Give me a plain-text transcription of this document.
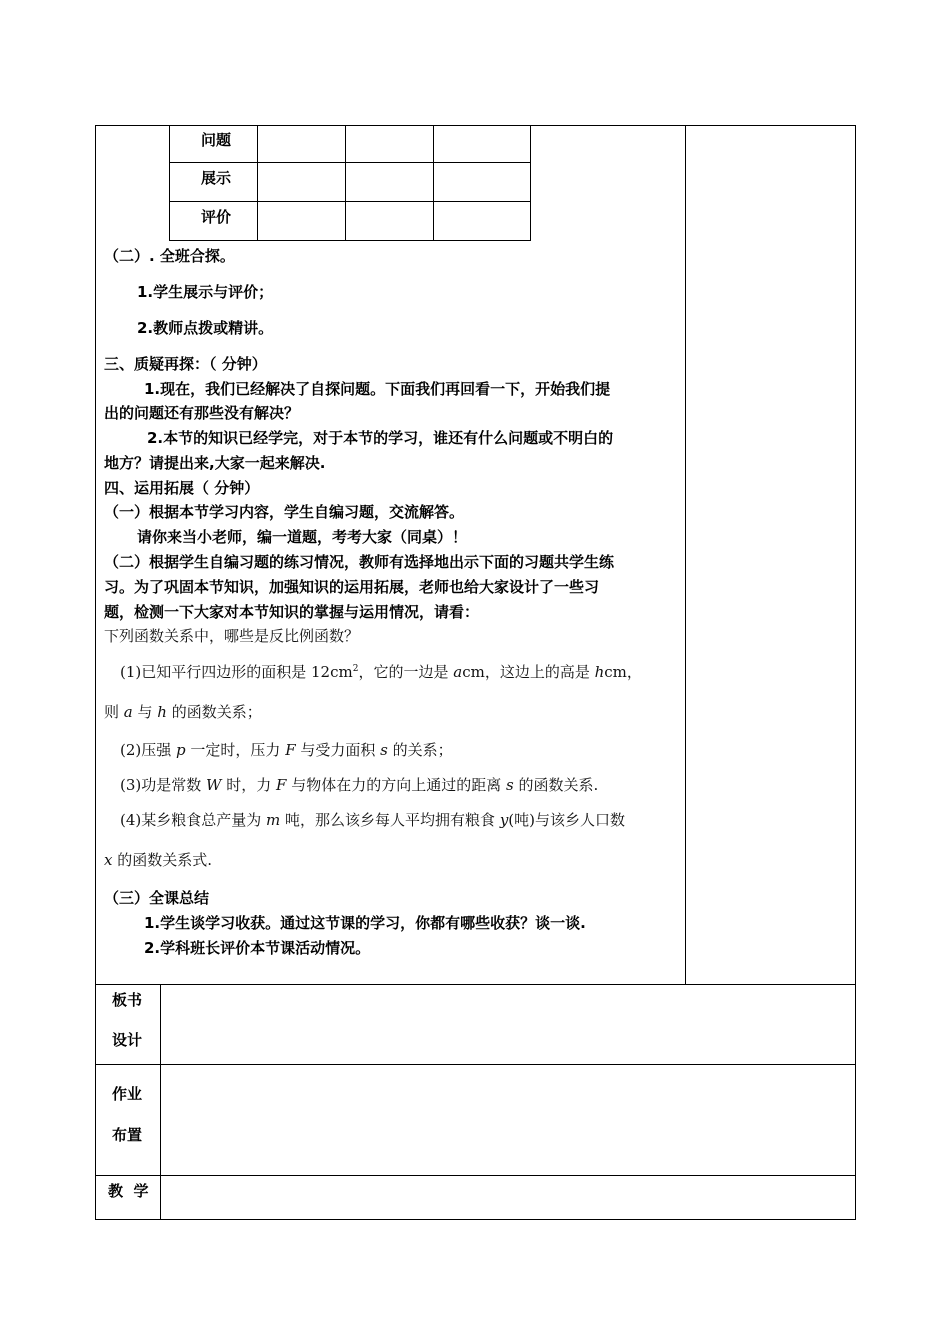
问题
展示
评价
（二）. 全班合探。
1.学生展示与评价；
2.教师点拨或精讲。
三、质疑再探：（ 分钟）
1.现在，我们已经解决了自探问题。下面我们再回看一下，开始我们提
出的问题还有那些没有解决？
2.本节的知识已经学完，对于本节的学习，谁还有什么问题或不明白的
地方？请提出来,大家一起来解决.
四、运用拓展（ 分钟）
（一）根据本节学习内容，学生自编习题，交流解答。
请你来当小老师，编一道题，考考大家（同桌）！
（二）根据学生自编习题的练习情况，教师有选择地出示下面的习题共学生练
习。为了巩固本节知识，加强知识的运用拓展，老师也给大家设计了一些习
题，检测一下大家对本节知识的掌握与运用情况，请看：
下列函数关系中，哪些是反比例函数？
(1)已知平行四边形的面积是 $12cm^2$，它的一边是 acm，这边上的高是 hcm，
则 a 与 h 的函数关系；
(2)压强 p 一定时，压力 F 与受力面积 s 的关系；
(3)功是常数 W 时，力 F 与物体在力的方向上通过的距离 s 的函数关系.
(4)某乡粮食总产量为 m 吨，那么该乡每人平均拥有粮食 y(吨)与该乡人口数
x 的函数关系式.
（三）全课总结
1.学生谈学习收获。通过这节课的学习，你都有哪些收获？谈一谈.
2.学科班长评价本节课活动情况。
板书
设计
作业
布置
教  学
